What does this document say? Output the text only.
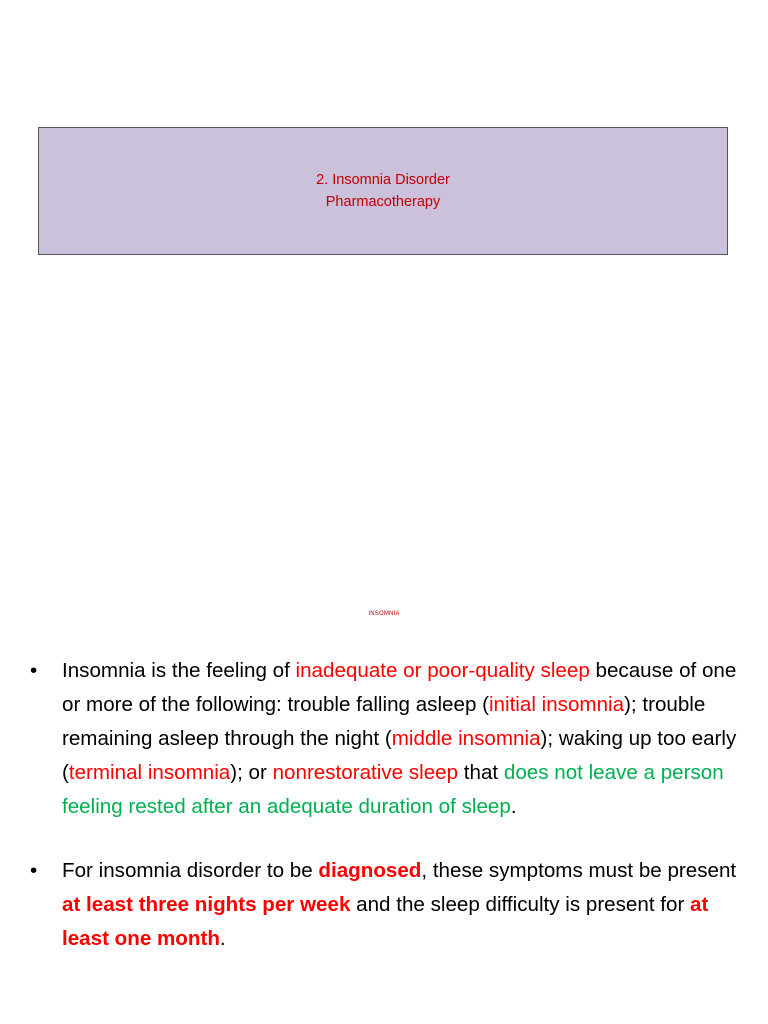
2. Insomnia Disorder
Pharmacotherapy
INSOMNIA
• Insomnia is the feeling of inadequate or poor-quality sleep because of one or more of the following: trouble falling asleep (initial insomnia); trouble remaining asleep through the night (middle insomnia); waking up too early (terminal insomnia); or nonrestorative sleep that does not leave a person feeling rested after an adequate duration of sleep.
• For insomnia disorder to be diagnosed, these symptoms must be present at least three nights per week and the sleep difficulty is present for at least one month.
